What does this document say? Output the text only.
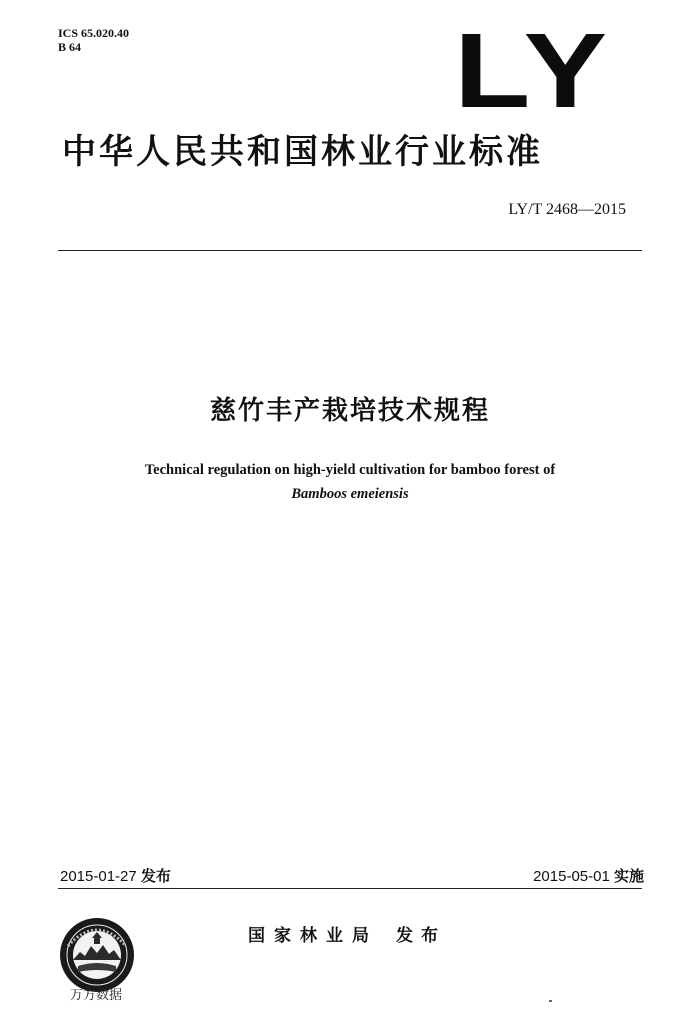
ICS 65.020.40
B 64	LY
中华人民共和国林业行业标准
LY/T 2468—2015
慈竹丰产栽培技术规程
Technical regulation on high-yield cultivation for bamboo forest of
Bamboos emeiensis
2015-01-27 发布	2015-05-01 实施
国家林业局 发布
万方数据
